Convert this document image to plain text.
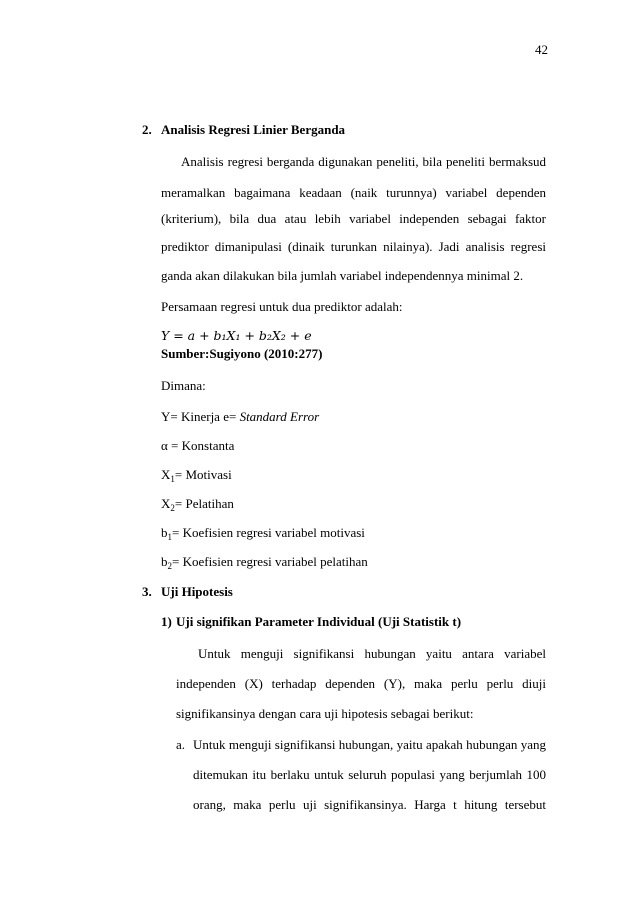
42
2. Analisis Regresi Linier Berganda
Analisis regresi berganda digunakan peneliti, bila peneliti bermaksud
meramalkan bagaimana keadaan (naik turunnya) variabel dependen
(kriterium), bila dua atau lebih variabel independen sebagai faktor
prediktor dimanipulasi (dinaik turunkan nilainya). Jadi analisis regresi
ganda akan dilakukan bila jumlah variabel independennya minimal 2.
Persamaan regresi untuk dua prediktor adalah:
𝑌 = 𝑎 + 𝑏₁𝑋₁ + 𝑏₂𝑋₂ + 𝑒
Sumber:Sugiyono (2010:277)
Dimana:
Y= Kinerja e= Standard Error
α = Konstanta
$X_1=$ Motivasi
$X_2=$ Pelatihan
$b_1=$ Koefisien regresi variabel motivasi
$b_2=$ Koefisien regresi variabel pelatihan
3. Uji Hipotesis
1) Uji signifikan Parameter Individual (Uji Statistik t)
Untuk menguji signifikansi hubungan yaitu antara variabel
independen (X) terhadap dependen (Y), maka perlu perlu diuji
signifikansinya dengan cara uji hipotesis sebagai berikut:
a. Untuk menguji signifikansi hubungan, yaitu apakah hubungan yang
ditemukan itu berlaku untuk seluruh populasi yang berjumlah 100
orang, maka perlu uji signifikansinya. Harga t hitung tersebut
